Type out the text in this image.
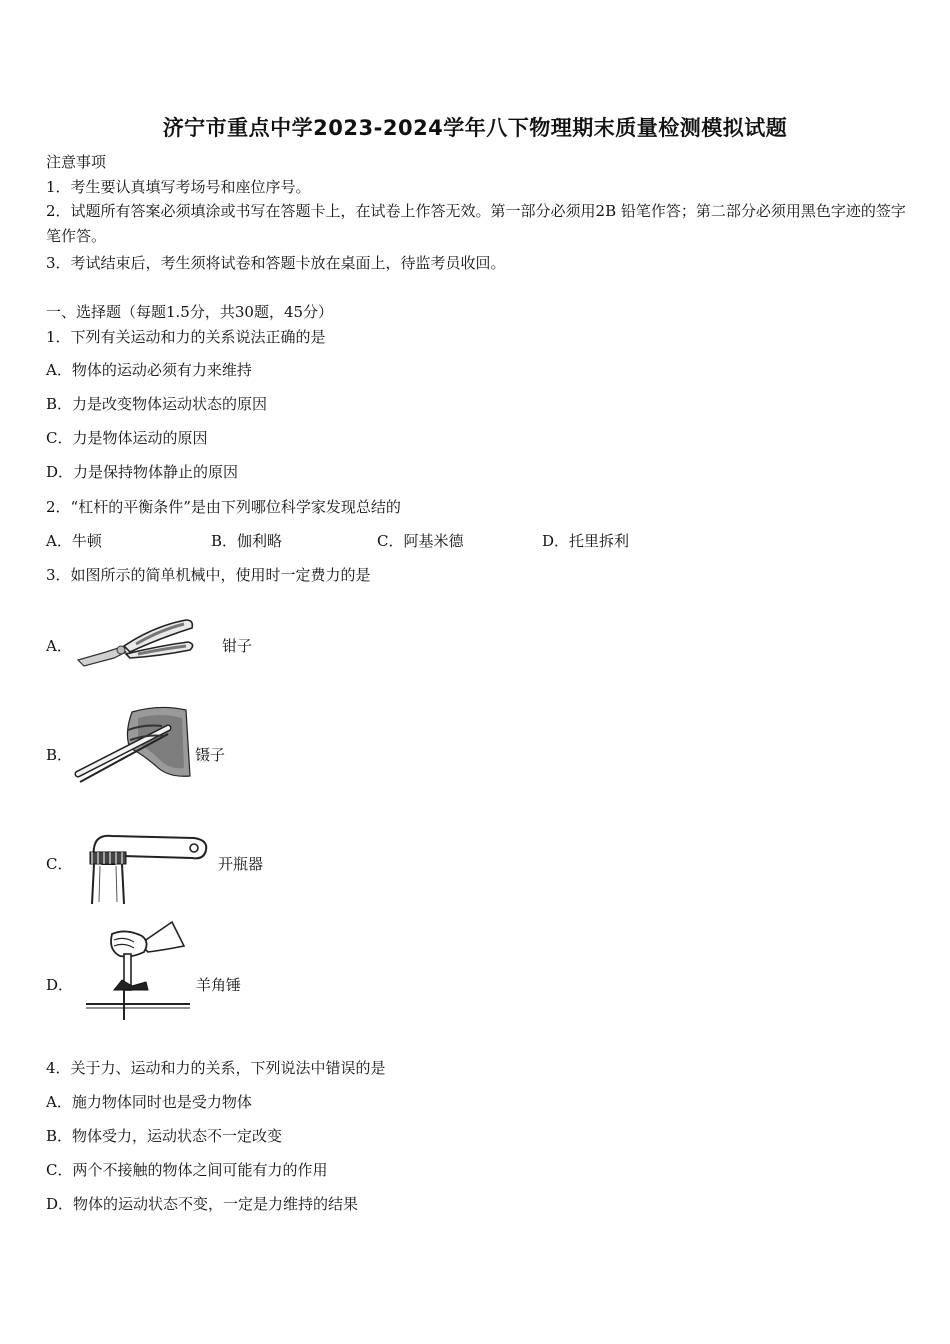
济宁市重点中学2023-2024学年八下物理期末质量检测模拟试题
注意事项
1．考生要认真填写考场号和座位序号。
2．试题所有答案必须填涂或书写在答题卡上，在试卷上作答无效。第一部分必须用2B 铅笔作答；第二部分必须用黑色字迹的签字笔作答。
3．考试结束后，考生须将试卷和答题卡放在桌面上，待监考员收回。
一、选择题（每题1.5分，共30题，45分）
1．下列有关运动和力的关系说法正确的是
A．物体的运动必须有力来维持
B．力是改变物体运动状态的原因
C．力是物体运动的原因
D．力是保持物体静止的原因
2．“杠杆的平衡条件”是由下列哪位科学家发现总结的
A．牛顿	B．伽利略	C．阿基米德	D．托里拆利
3．如图所示的简单机械中，使用时一定费力的是
A．	钳子
B．	镊子
C．	开瓶器
D．	羊角锤
4．关于力、运动和力的关系，下列说法中错误的是
A．施力物体同时也是受力物体
B．物体受力，运动状态不一定改变
C．两个不接触的物体之间可能有力的作用
D．物体的运动状态不变，一定是力维持的结果
